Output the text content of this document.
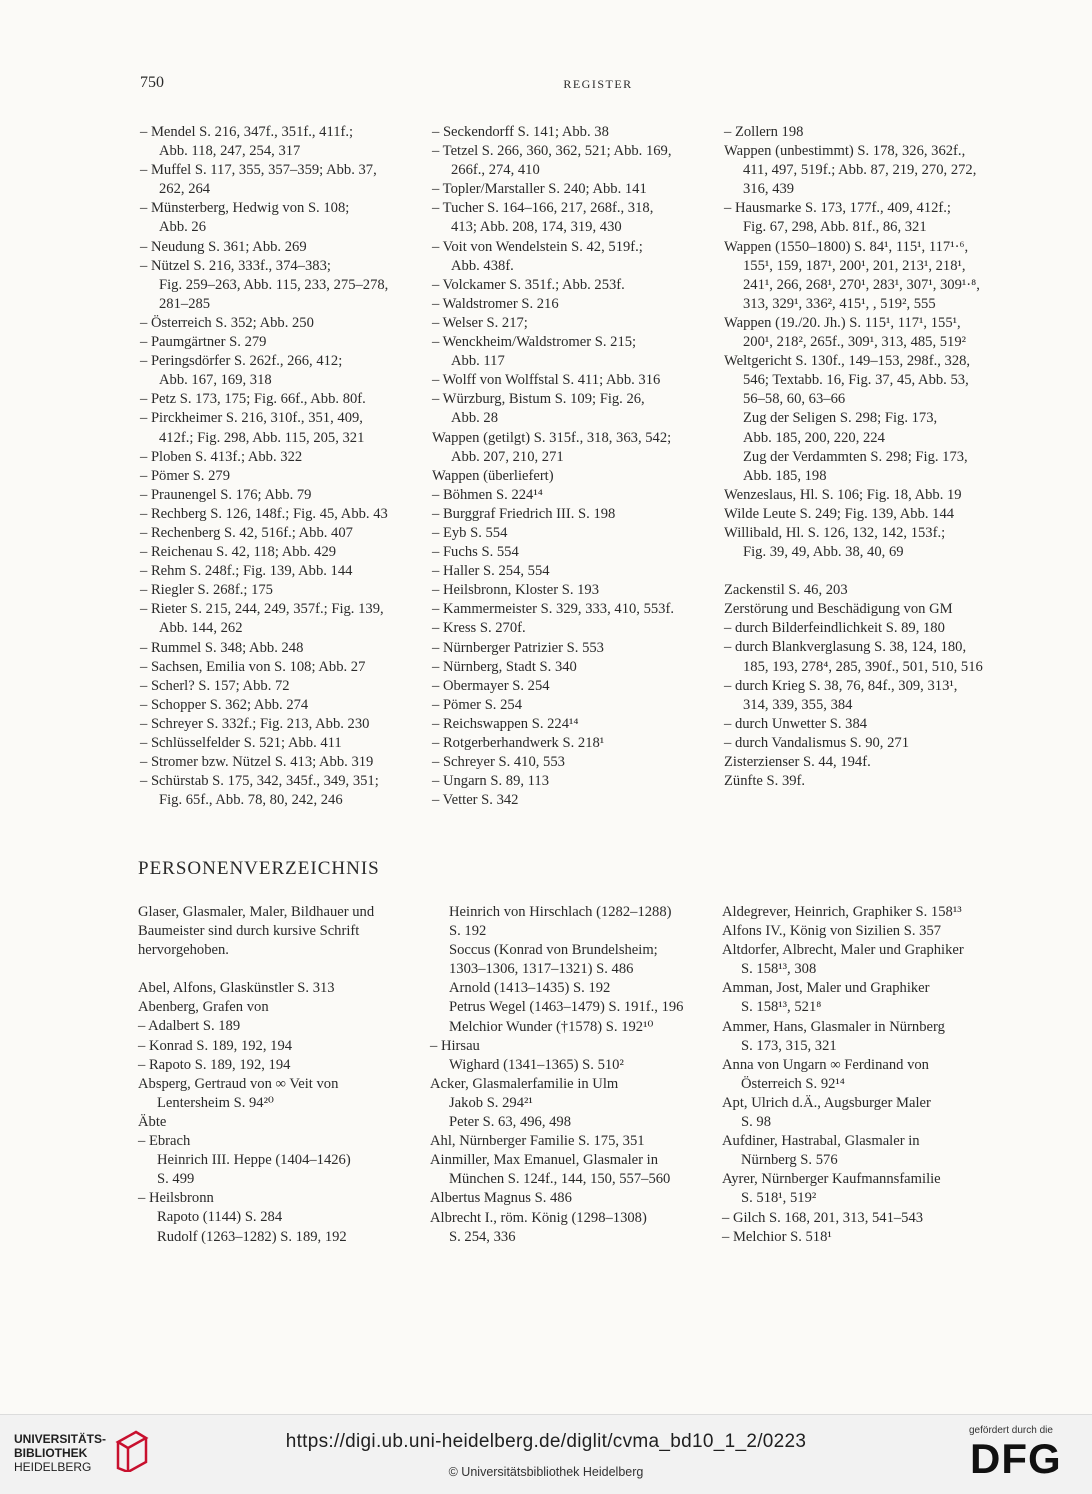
750	REGISTER
– Mendel S. 216, 347f., 351f., 411f.;
Abb. 118, 247, 254, 317
– Muffel S. 117, 355, 357–359; Abb. 37,
262, 264
– Münsterberg, Hedwig von S. 108;
Abb. 26
– Neudung S. 361; Abb. 269
– Nützel S. 216, 333f., 374–383;
Fig. 259–263, Abb. 115, 233, 275–278,
281–285
– Österreich S. 352; Abb. 250
– Paumgärtner S. 279
– Peringsdörfer S. 262f., 266, 412;
Abb. 167, 169, 318
– Petz S. 173, 175; Fig. 66f., Abb. 80f.
– Pirckheimer S. 216, 310f., 351, 409,
412f.; Fig. 298, Abb. 115, 205, 321
– Ploben S. 413f.; Abb. 322
– Pömer S. 279
– Praunengel S. 176; Abb. 79
– Rechberg S. 126, 148f.; Fig. 45, Abb. 43
– Rechenberg S. 42, 516f.; Abb. 407
– Reichenau S. 42, 118; Abb. 429
– Rehm S. 248f.; Fig. 139, Abb. 144
– Riegler S. 268f.; 175
– Rieter S. 215, 244, 249, 357f.; Fig. 139,
Abb. 144, 262
– Rummel S. 348; Abb. 248
– Sachsen, Emilia von S. 108; Abb. 27
– Scherl? S. 157; Abb. 72
– Schopper S. 362; Abb. 274
– Schreyer S. 332f.; Fig. 213, Abb. 230
– Schlüsselfelder S. 521; Abb. 411
– Stromer bzw. Nützel S. 413; Abb. 319
– Schürstab S. 175, 342, 345f., 349, 351;
Fig. 65f., Abb. 78, 80, 242, 246
– Seckendorff S. 141; Abb. 38
– Tetzel S. 266, 360, 362, 521; Abb. 169,
266f., 274, 410
– Topler/Marstaller S. 240; Abb. 141
– Tucher S. 164–166, 217, 268f., 318,
413; Abb. 208, 174, 319, 430
– Voit von Wendelstein S. 42, 519f.;
Abb. 438f.
– Volckamer S. 351f.; Abb. 253f.
– Waldstromer S. 216
– Welser S. 217;
– Wenckheim/Waldstromer S. 215;
Abb. 117
– Wolff von Wolffstal S. 411; Abb. 316
– Würzburg, Bistum S. 109; Fig. 26,
Abb. 28
Wappen (getilgt) S. 315f., 318, 363, 542;
Abb. 207, 210, 271
Wappen (überliefert)
– Böhmen S. 224¹⁴
– Burggraf Friedrich III. S. 198
– Eyb S. 554
– Fuchs S. 554
– Haller S. 254, 554
– Heilsbronn, Kloster S. 193
– Kammermeister S. 329, 333, 410, 553f.
– Kress S. 270f.
– Nürnberger Patrizier S. 553
– Nürnberg, Stadt S. 340
– Obermayer S. 254
– Pömer S. 254
– Reichswappen S. 224¹⁴
– Rotgerberhandwerk S. 218¹
– Schreyer S. 410, 553
– Ungarn S. 89, 113
– Vetter S. 342
– Zollern 198
Wappen (unbestimmt) S. 178, 326, 362f.,
411, 497, 519f.; Abb. 87, 219, 270, 272,
316, 439
– Hausmarke S. 173, 177f., 409, 412f.;
Fig. 67, 298, Abb. 81f., 86, 321
Wappen (1550–1800) S. 84¹, 115¹, 117¹·⁶,
155¹, 159, 187¹, 200¹, 201, 213¹, 218¹,
241¹, 266, 268¹, 270¹, 283¹, 307¹, 309¹·⁸,
313, 329¹, 336², 415¹, , 519², 555
Wappen (19./20. Jh.) S. 115¹, 117¹, 155¹,
200¹, 218², 265f., 309¹, 313, 485, 519²
Weltgericht S. 130f., 149–153, 298f., 328,
546; Textabb. 16, Fig. 37, 45, Abb. 53,
56–58, 60, 63–66
Zug der Seligen S. 298; Fig. 173,
Abb. 185, 200, 220, 224
Zug der Verdammten S. 298; Fig. 173,
Abb. 185, 198
Wenzeslaus, Hl. S. 106; Fig. 18, Abb. 19
Wilde Leute S. 249; Fig. 139, Abb. 144
Willibald, Hl. S. 126, 132, 142, 153f.;
Fig. 39, 49, Abb. 38, 40, 69
Zackenstil S. 46, 203
Zerstörung und Beschädigung von GM
– durch Bilderfeindlichkeit S. 89, 180
– durch Blankverglasung S. 38, 124, 180,
185, 193, 278⁴, 285, 390f., 501, 510, 516
– durch Krieg S. 38, 76, 84f., 309, 313¹,
314, 339, 355, 384
– durch Unwetter S. 384
– durch Vandalismus S. 90, 271
Zisterzienser S. 44, 194f.
Zünfte S. 39f.
PERSONENVERZEICHNIS
Glaser, Glasmaler, Maler, Bildhauer und
Baumeister sind durch kursive Schrift
hervorgehoben.
Abel, Alfons, Glaskünstler S. 313
Abenberg, Grafen von
– Adalbert S. 189
– Konrad S. 189, 192, 194
– Rapoto S. 189, 192, 194
Absperg, Gertraud von ∞ Veit von
Lentersheim S. 94²⁰
Äbte
– Ebrach
Heinrich III. Heppe (1404–1426)
S. 499
– Heilsbronn
Rapoto (1144) S. 284
Rudolf (1263–1282) S. 189, 192
Heinrich von Hirschlach (1282–1288)
S. 192
Soccus (Konrad von Brundelsheim;
1303–1306, 1317–1321) S. 486
Arnold (1413–1435) S. 192
Petrus Wegel (1463–1479) S. 191f., 196
Melchior Wunder (†1578) S. 192¹⁰
– Hirsau
Wighard (1341–1365) S. 510²
Acker, Glasmalerfamilie in Ulm
Jakob S. 294²¹
Peter S. 63, 496, 498
Ahl, Nürnberger Familie S. 175, 351
Ainmiller, Max Emanuel, Glasmaler in
München S. 124f., 144, 150, 557–560
Albertus Magnus S. 486
Albrecht I., röm. König (1298–1308)
S. 254, 336
Aldegrever, Heinrich, Graphiker S. 158¹³
Alfons IV., König von Sizilien S. 357
Altdorfer, Albrecht, Maler und Graphiker
S. 158¹³, 308
Amman, Jost, Maler und Graphiker
S. 158¹³, 521⁸
Ammer, Hans, Glasmaler in Nürnberg
S. 173, 315, 321
Anna von Ungarn ∞ Ferdinand von
Österreich S. 92¹⁴
Apt, Ulrich d.Ä., Augsburger Maler
S. 98
Aufdiner, Hastrabal, Glasmaler in
Nürnberg S. 576
Ayrer, Nürnberger Kaufmannsfamilie
S. 518¹, 519²
– Gilch S. 168, 201, 313, 541–543
– Melchior S. 518¹
UNIVERSITÄTS-
BIBLIOTHEK
HEIDELBERG
https://digi.ub.uni-heidelberg.de/diglit/cvma_bd10_1_2/0223
© Universitätsbibliothek Heidelberg
gefördert durch die
DFG
